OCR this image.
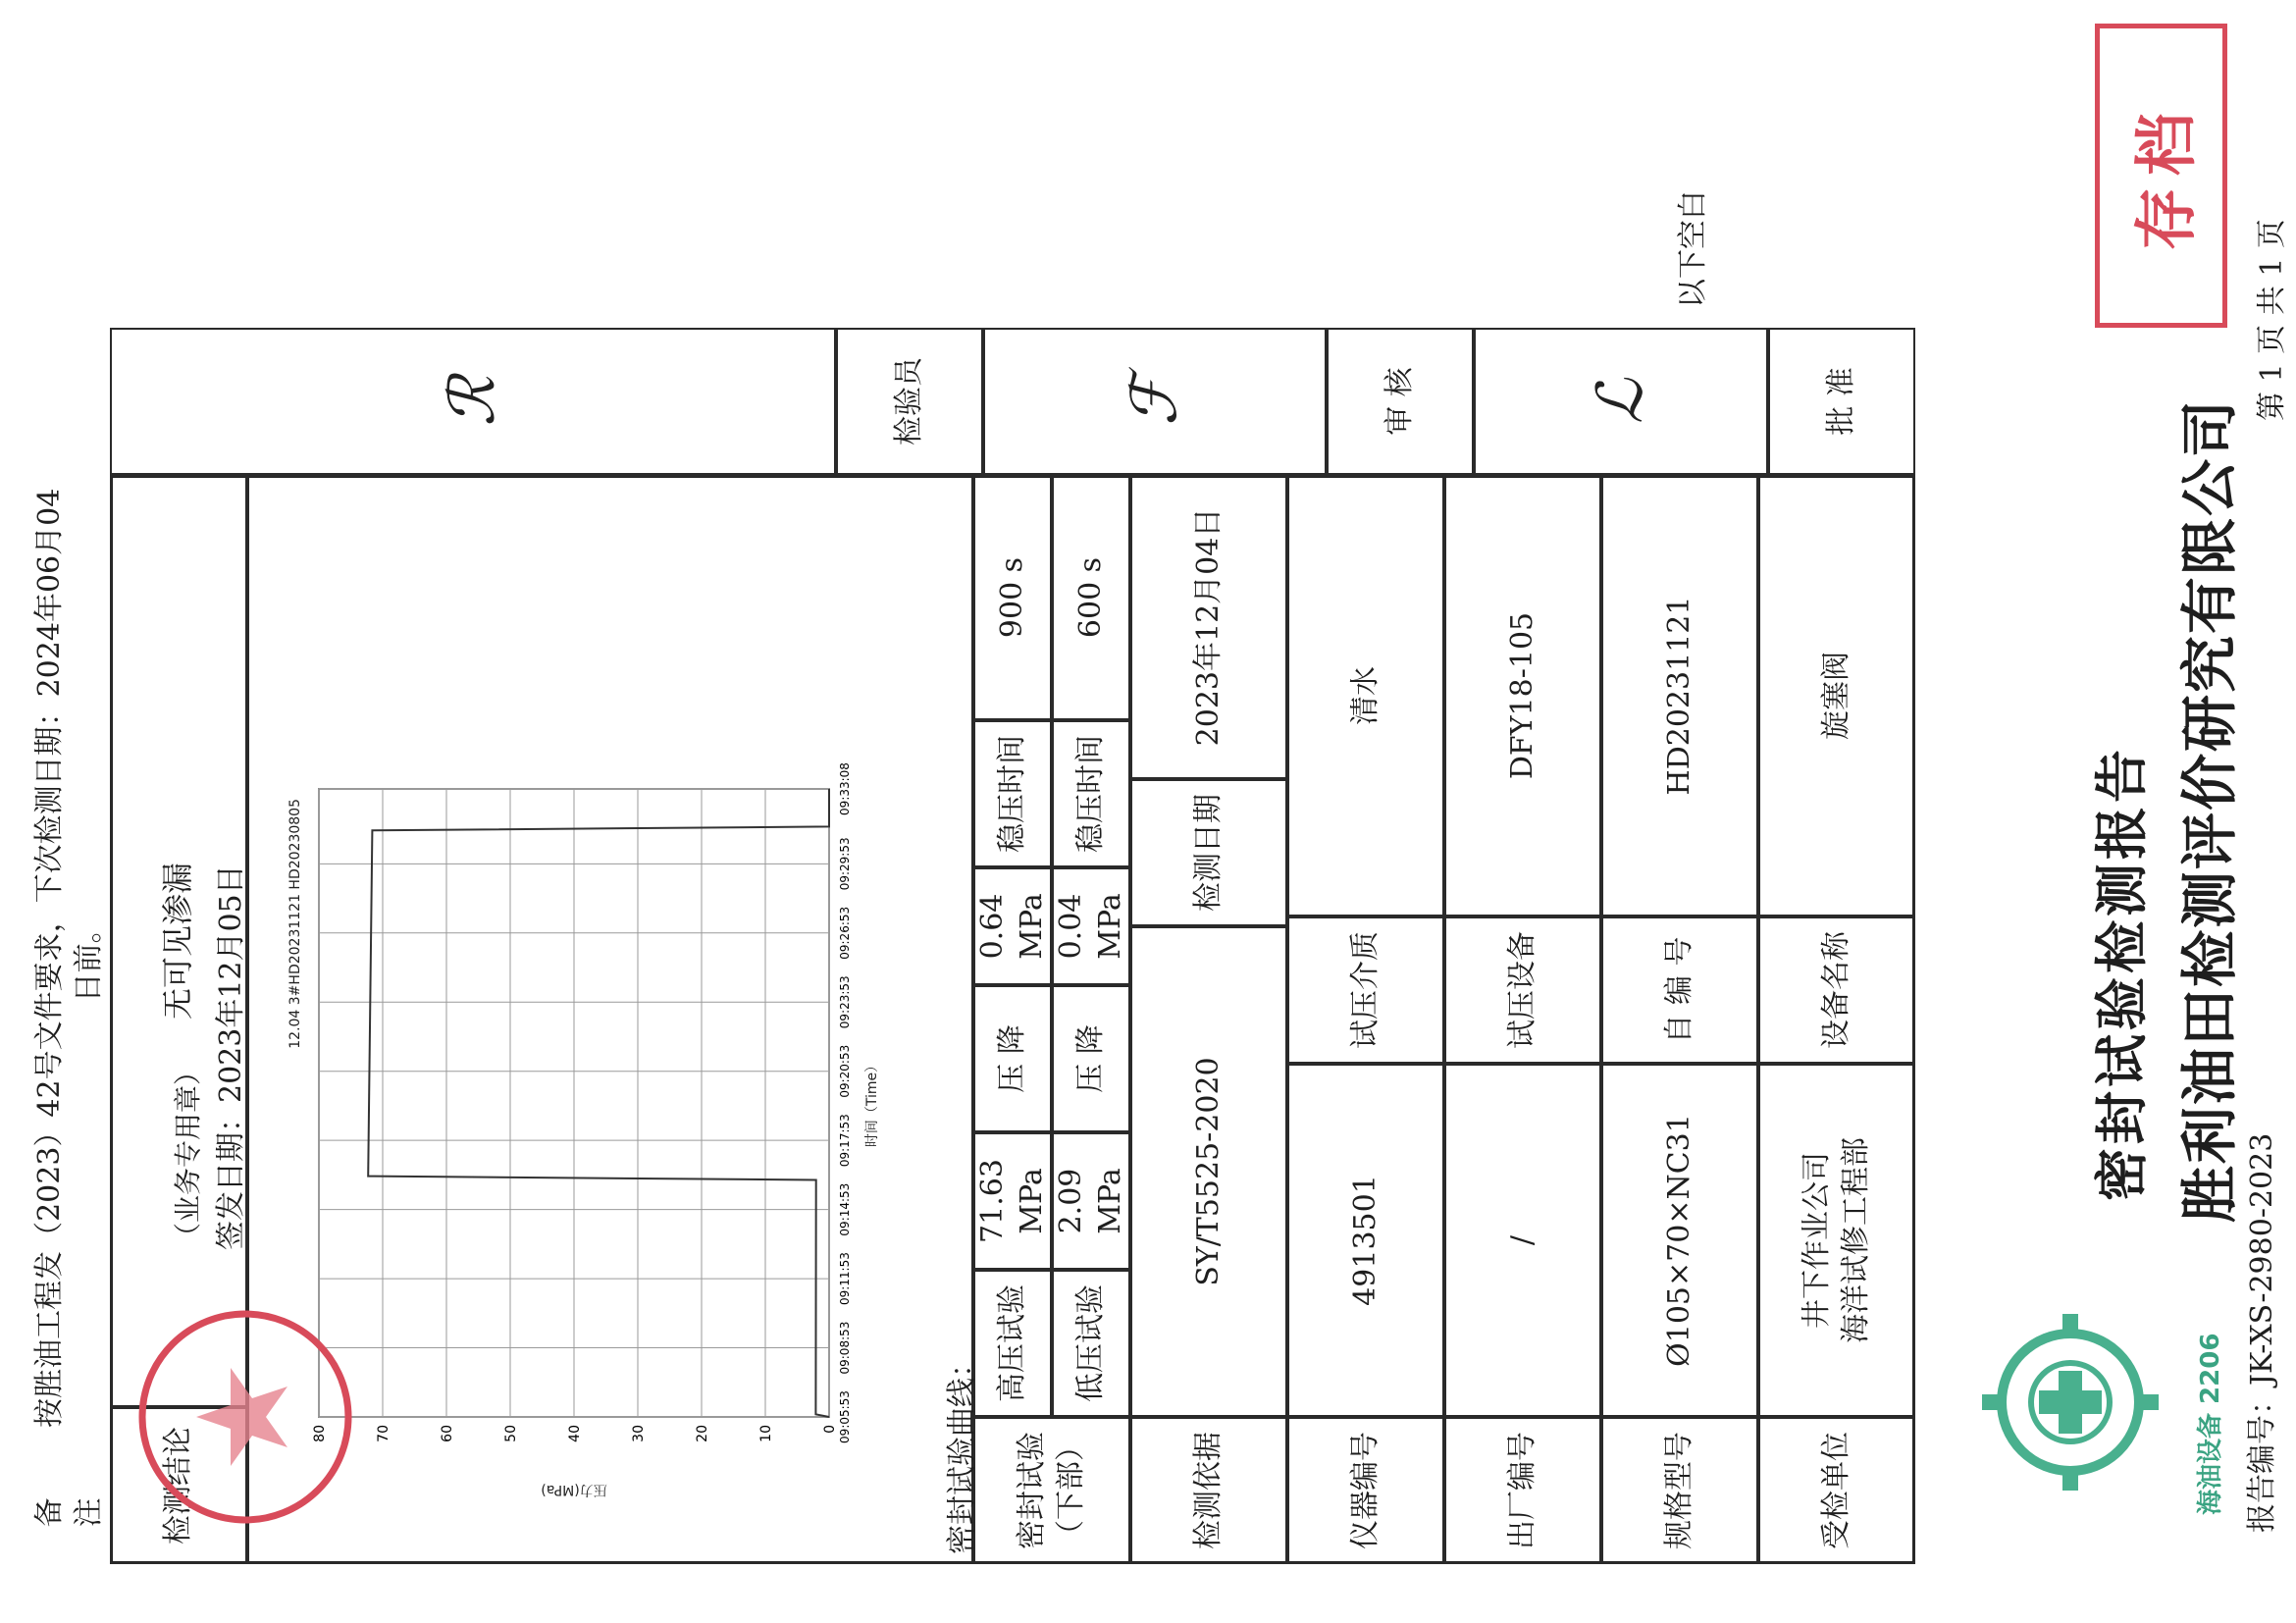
海油设备 2206
胜利油田检测评价研究有限公司
密封试验检测报告
报告编号：JK-XS-2980-2023
第 1 页 共 1 页
存档
受检单位
井下作业公司 海洋试修工程部
设备名称
旋塞阀
规格型号
Ø105×70×NC31
自 编 号
HD20231121
出厂编号
/
试压设备
DFY18-105
仪器编号
4913501
试压介质
清水
检测依据
SY/T5525-2020
检测日期
2023年12月04日
密封试验 （下部）
低压试验
2.09 MPa
压 降
0.04 MPa
稳压时间
600 s
高压试验
71.63 MPa
压 降
0.64 MPa
稳压时间
900 s
密封试验曲线：
0
10
20
30
40
50
60
70
80	09:05:53
09:08:53
09:11:53
09:14:53
09:17:53
09:20:53
09:23:53
09:26:53
09:29:53
09:33:08
12.04 3#HD20231121 HD20230805
压力(MPa)
时间（Time）
检测结论
无可见渗漏 签发日期：2023年12月05日
（业务专用章）
备 注
按胜油工程发（2023）42号文件要求，下次检测日期：2024年06月04日前。
批 准
ℒ
审 核
ℱ
检验员
ℛ
以下空白
